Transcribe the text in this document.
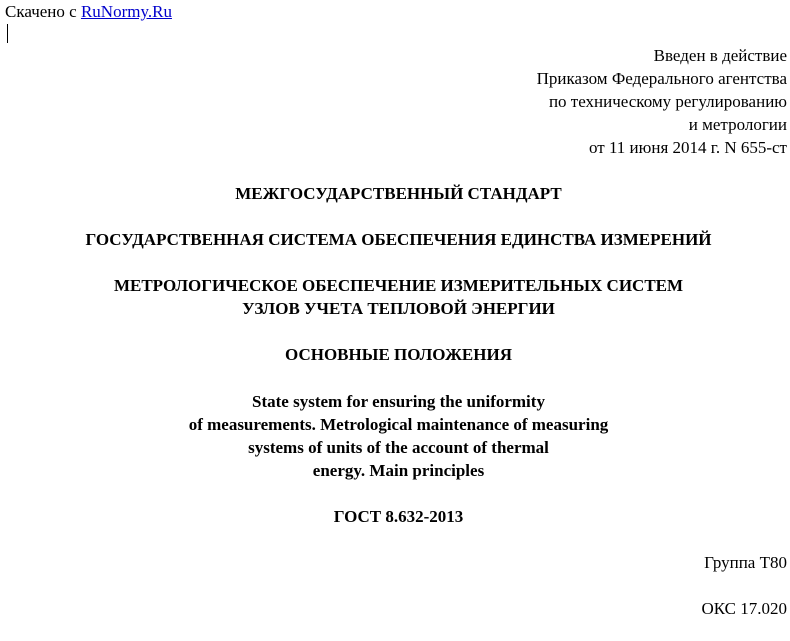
Скачено с RuNormy.Ru
Введен в действие
Приказом Федерального агентства
по техническому регулированию
и метрологии
от 11 июня 2014 г. N 655-ст
МЕЖГОСУДАРСТВЕННЫЙ СТАНДАРТ
ГОСУДАРСТВЕННАЯ СИСТЕМА ОБЕСПЕЧЕНИЯ ЕДИНСТВА ИЗМЕРЕНИЙ
МЕТРОЛОГИЧЕСКОЕ ОБЕСПЕЧЕНИЕ ИЗМЕРИТЕЛЬНЫХ СИСТЕМ
УЗЛОВ УЧЕТА ТЕПЛОВОЙ ЭНЕРГИИ
ОСНОВНЫЕ ПОЛОЖЕНИЯ
State system for ensuring the uniformity
of measurements. Metrological maintenance of measuring
systems of units of the account of thermal
energy. Main principles
ГОСТ 8.632-2013
Группа Т80
ОКС 17.020
